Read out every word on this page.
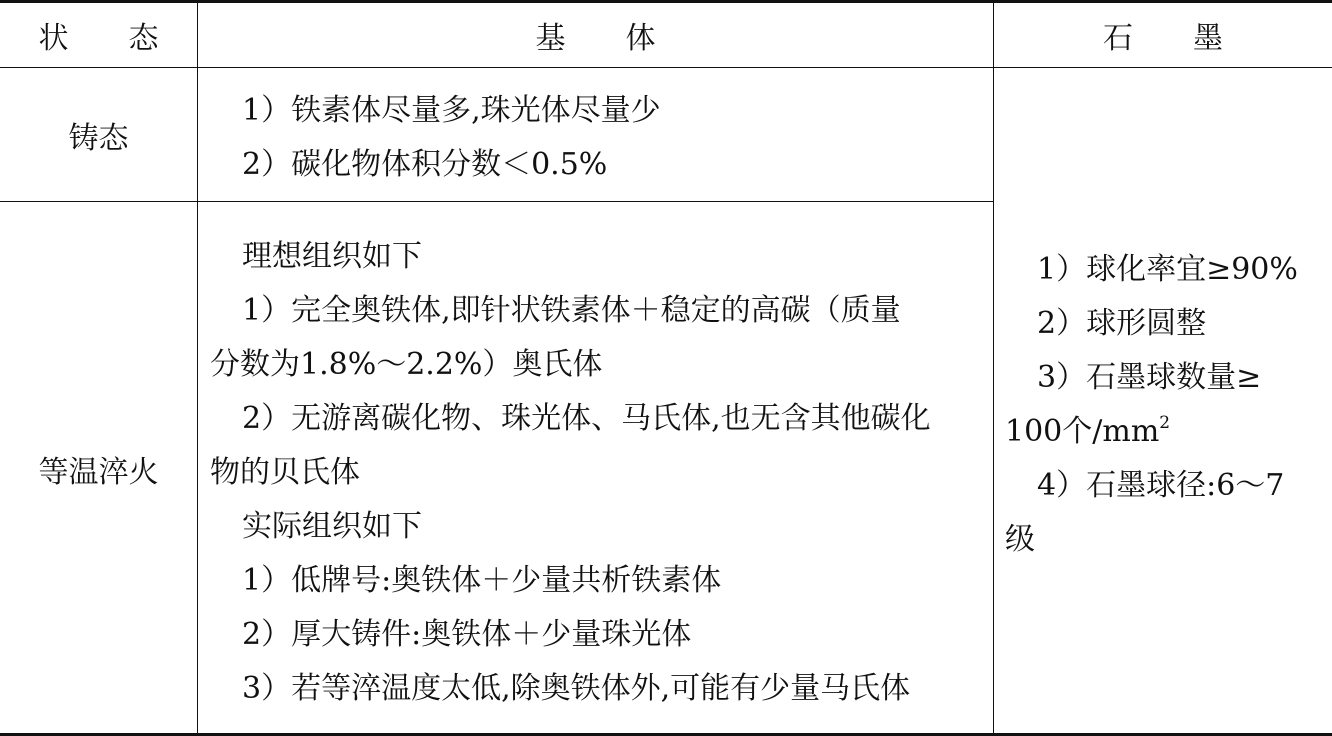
状　　态	基　　体	石　　墨
铸态
1）铁素体尽量多,珠光体尽量少
2）碳化物体积分数＜0.5%
等温淬火
理想组织如下
1）完全奥铁体,即针状铁素体＋稳定的高碳（质量
分数为1.8%～2.2%）奥氏体
2）无游离碳化物、珠光体、马氏体,也无含其他碳化
物的贝氏体
实际组织如下
1）低牌号:奥铁体＋少量共析铁素体
2）厚大铸件:奥铁体＋少量珠光体
3）若等淬温度太低,除奥铁体外,可能有少量马氏体
1）球化率宜≥90%
2）球形圆整
3）石墨球数量≥
100个$/mm^2$
4）石墨球径:6～7
级
